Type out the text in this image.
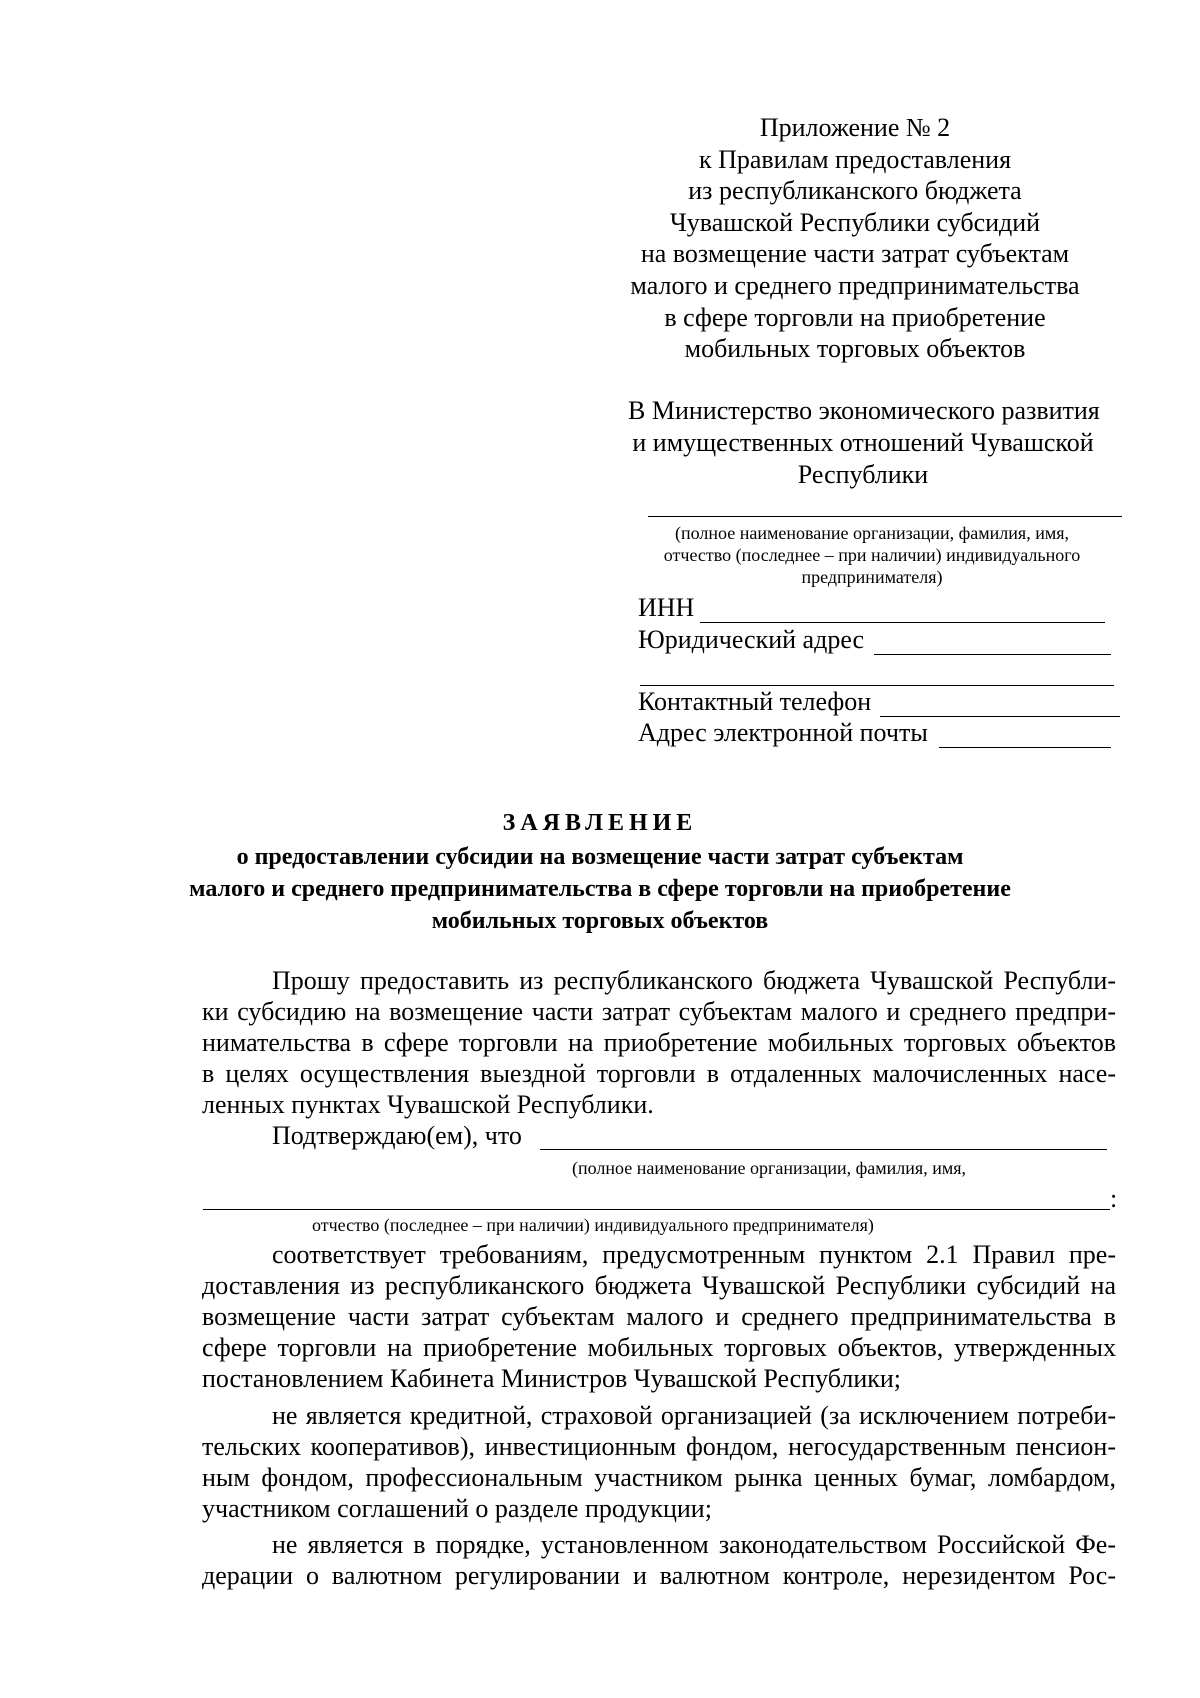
Приложение № 2
к Правилам предоставления
из республиканского бюджета
Чувашской Республики субсидий
на возмещение части затрат субъектам
малого и среднего предпринимательства
в сфере торговли на приобретение
мобильных торговых объектов
В Министерство экономического развития
и имущественных отношений Чувашской
Республики
(полное наименование организации, фамилия, имя,
отчество (последнее – при наличии) индивидуального
предпринимателя)
ИНН
Юридический адрес
Контактный телефон
Адрес электронной почты
ЗАЯВЛЕНИЕ
о предоставлении субсидии на возмещение части затрат субъектам
малого и среднего предпринимательства в сфере торговли на приобретение
мобильных торговых объектов
Прошу предоставить из республиканского бюджета Чувашской Республи-
ки субсидию на возмещение части затрат субъектам малого и среднего предпри-
нимательства в сфере торговли на приобретение мобильных торговых объектов
в целях осуществления выездной торговли в отдаленных малочисленных насе-
ленных пунктах Чувашской Республики.
Подтверждаю(ем), что
(полное наименование организации, фамилия, имя,
:
отчество (последнее – при наличии) индивидуального предпринимателя)
соответствует требованиям, предусмотренным пунктом 2.1 Правил пре-
доставления из республиканского бюджета Чувашской Республики субсидий на
возмещение части затрат субъектам малого и среднего предпринимательства в
сфере торговли на приобретение мобильных торговых объектов, утвержденных
постановлением Кабинета Министров Чувашской Республики;
не является кредитной, страховой организацией (за исключением потреби-
тельских кооперативов), инвестиционным фондом, негосударственным пенсион-
ным фондом, профессиональным участником рынка ценных бумаг, ломбардом,
участником соглашений о разделе продукции;
не является в порядке, установленном законодательством Российской Фе-
дерации о валютном регулировании и валютном контроле, нерезидентом Рос-
